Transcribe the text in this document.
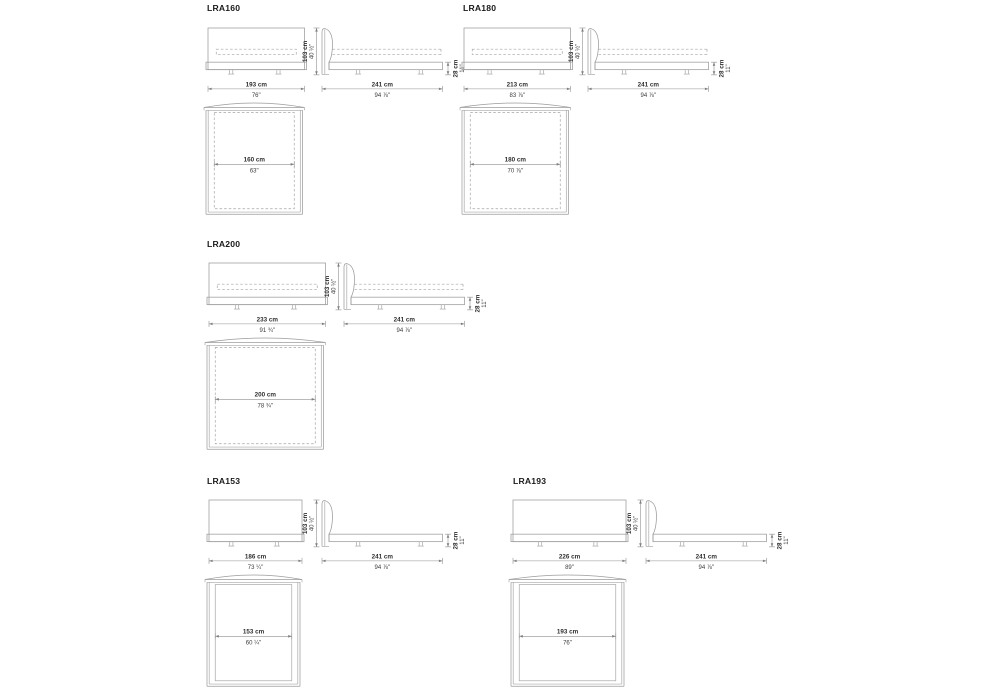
LRA160
193 cm
76"
103 cm 40 ½"
241 cm
94 ⅞"
28 cm 11"
160 cm
63"
LRA180
213 cm
83 ⅞"
103 cm 40 ½"
241 cm
94 ⅞"
28 cm 11"
180 cm
70 ⅞"
LRA200
233 cm
91 ¾"
103 cm 40 ½"
241 cm
94 ⅞"
28 cm 11"
200 cm
78 ¾"
LRA153
186 cm
73 ¼"
103 cm 40 ½"
241 cm
94 ⅞"
28 cm 11"
153 cm
60 ¼"
LRA193
226 cm
89"
103 cm 40 ½"
241 cm
94 ⅞"
28 cm 11"
193 cm
76"
